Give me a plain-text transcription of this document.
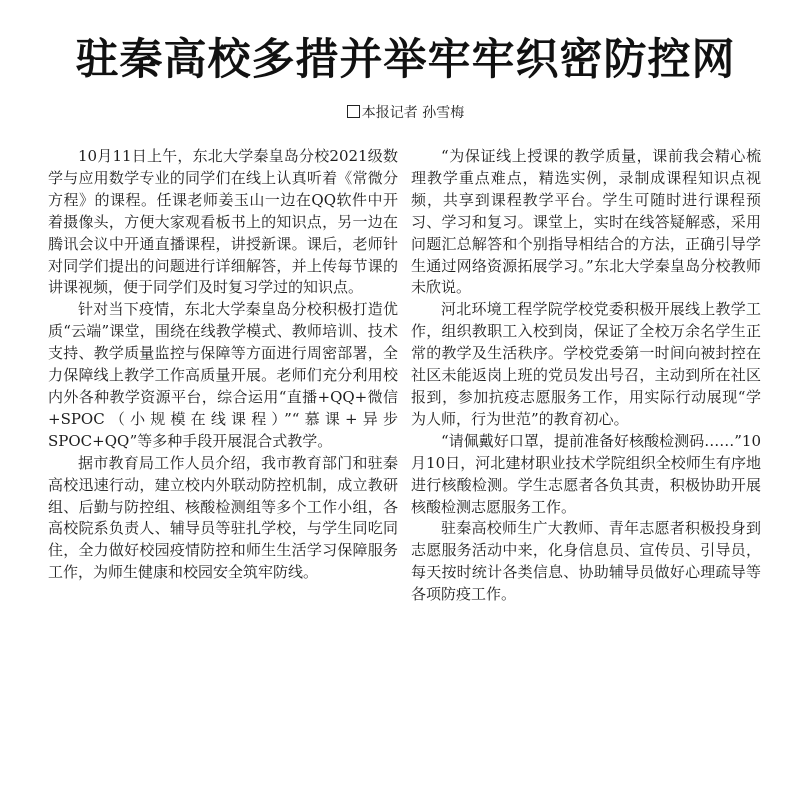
驻秦高校多措并举牢牢织密防控网
本报记者 孙雪梅

10月11日上午，东北大学秦皇岛分校2021级数学与应用数学专业的同学们在线上认真听着《常微分方程》的课程。任课老师姜玉山一边在QQ软件中开着摄像头，方便大家观看板书上的知识点，另一边在腾讯会议中开通直播课程，讲授新课。课后，老师针对同学们提出的问题进行详细解答，并上传每节课的讲课视频，便于同学们及时复习学过的知识点。

针对当下疫情，东北大学秦皇岛分校积极打造优质“云端”课堂，围绕在线教学模式、教师培训、技术支持、教学质量监控与保障等方面进行周密部署，全力保障线上教学工作高质量开展。老师们充分利用校内外各种教学资源平台，综合运用“直播+QQ+微信+SPOC（小规模在线课程）”“慕课+异步SPOC+QQ”等多种手段开展混合式教学。

据市教育局工作人员介绍，我市教育部门和驻秦高校迅速行动，建立校内外联动防控机制，成立教研组、后勤与防控组、核酸检测组等多个工作小组，各高校院系负责人、辅导员等驻扎学校，与学生同吃同住，全力做好校园疫情防控和师生生活学习保障服务工作，为师生健康和校园安全筑牢防线。

“为保证线上授课的教学质量，课前我会精心梳理教学重点难点，精选实例，录制成课程知识点视频，共享到课程教学平台。学生可随时进行课程预习、学习和复习。课堂上，实时在线答疑解惑，采用问题汇总解答和个别指导相结合的方法，正确引导学生通过网络资源拓展学习。”东北大学秦皇岛分校教师未欣说。

河北环境工程学院学校党委积极开展线上教学工作，组织教职工入校到岗，保证了全校万余名学生正常的教学及生活秩序。学校党委第一时间向被封控在社区未能返岗上班的党员发出号召，主动到所在社区报到，参加抗疫志愿服务工作，用实际行动展现“学为人师，行为世范”的教育初心。

“请佩戴好口罩，提前准备好核酸检测码……”10月10日，河北建材职业技术学院组织全校师生有序地进行核酸检测。学生志愿者各负其责，积极协助开展核酸检测志愿服务工作。

驻秦高校师生广大教师、青年志愿者积极投身到志愿服务活动中来，化身信息员、宣传员、引导员，每天按时统计各类信息、协助辅导员做好心理疏导等各项防疫工作。
